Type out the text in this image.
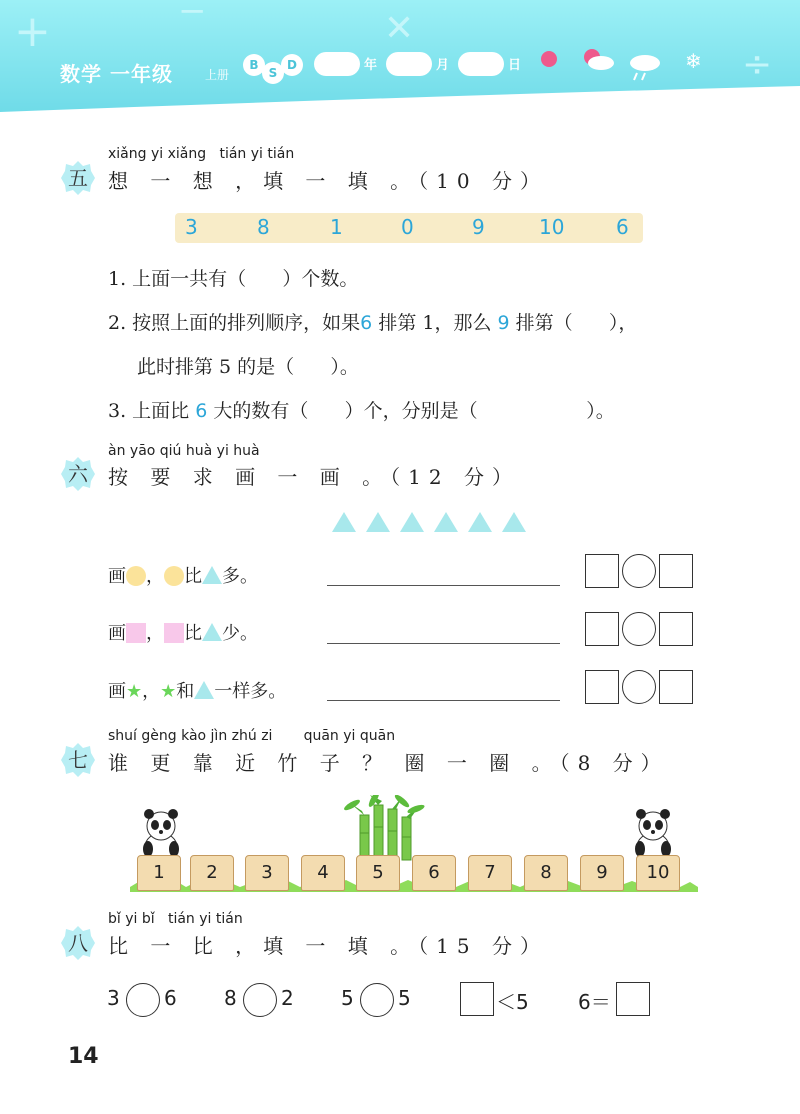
+	−	✕
÷
数学 一年级	上册
B
S
D	年	月	日	❄
xiǎng yi xiǎng   tián yi tián
五	想 一 想 ，填 一 填 。（10 分）
3	8	1	0	9	10	6
1. 上面一共有（      ）个数。
2. 按照上面的排列顺序，如果6 排第 1，那么 9 排第（      ），
此时排第 5 的是（      ）。
3. 上面比 6 大的数有（      ）个，分别是（                  ）。
àn yāo qiú huà yi huà
六	按 要 求 画 一 画 。（12 分）
画 ， 比 多。
画 ， 比 少。
画★，★和 一样多。
shuí gèng kào jìn zhú zi       quān yi quān
七	谁 更 靠 近 竹 子 ？ 圈 一 圈 。（8 分）
1	2	3	4	5	6	7	8	9	10
bǐ yi bǐ   tián yi tián
八	比 一 比 ，填 一 填 。（15 分）
3 6 8 2 5 5	＜5 6＝
14
